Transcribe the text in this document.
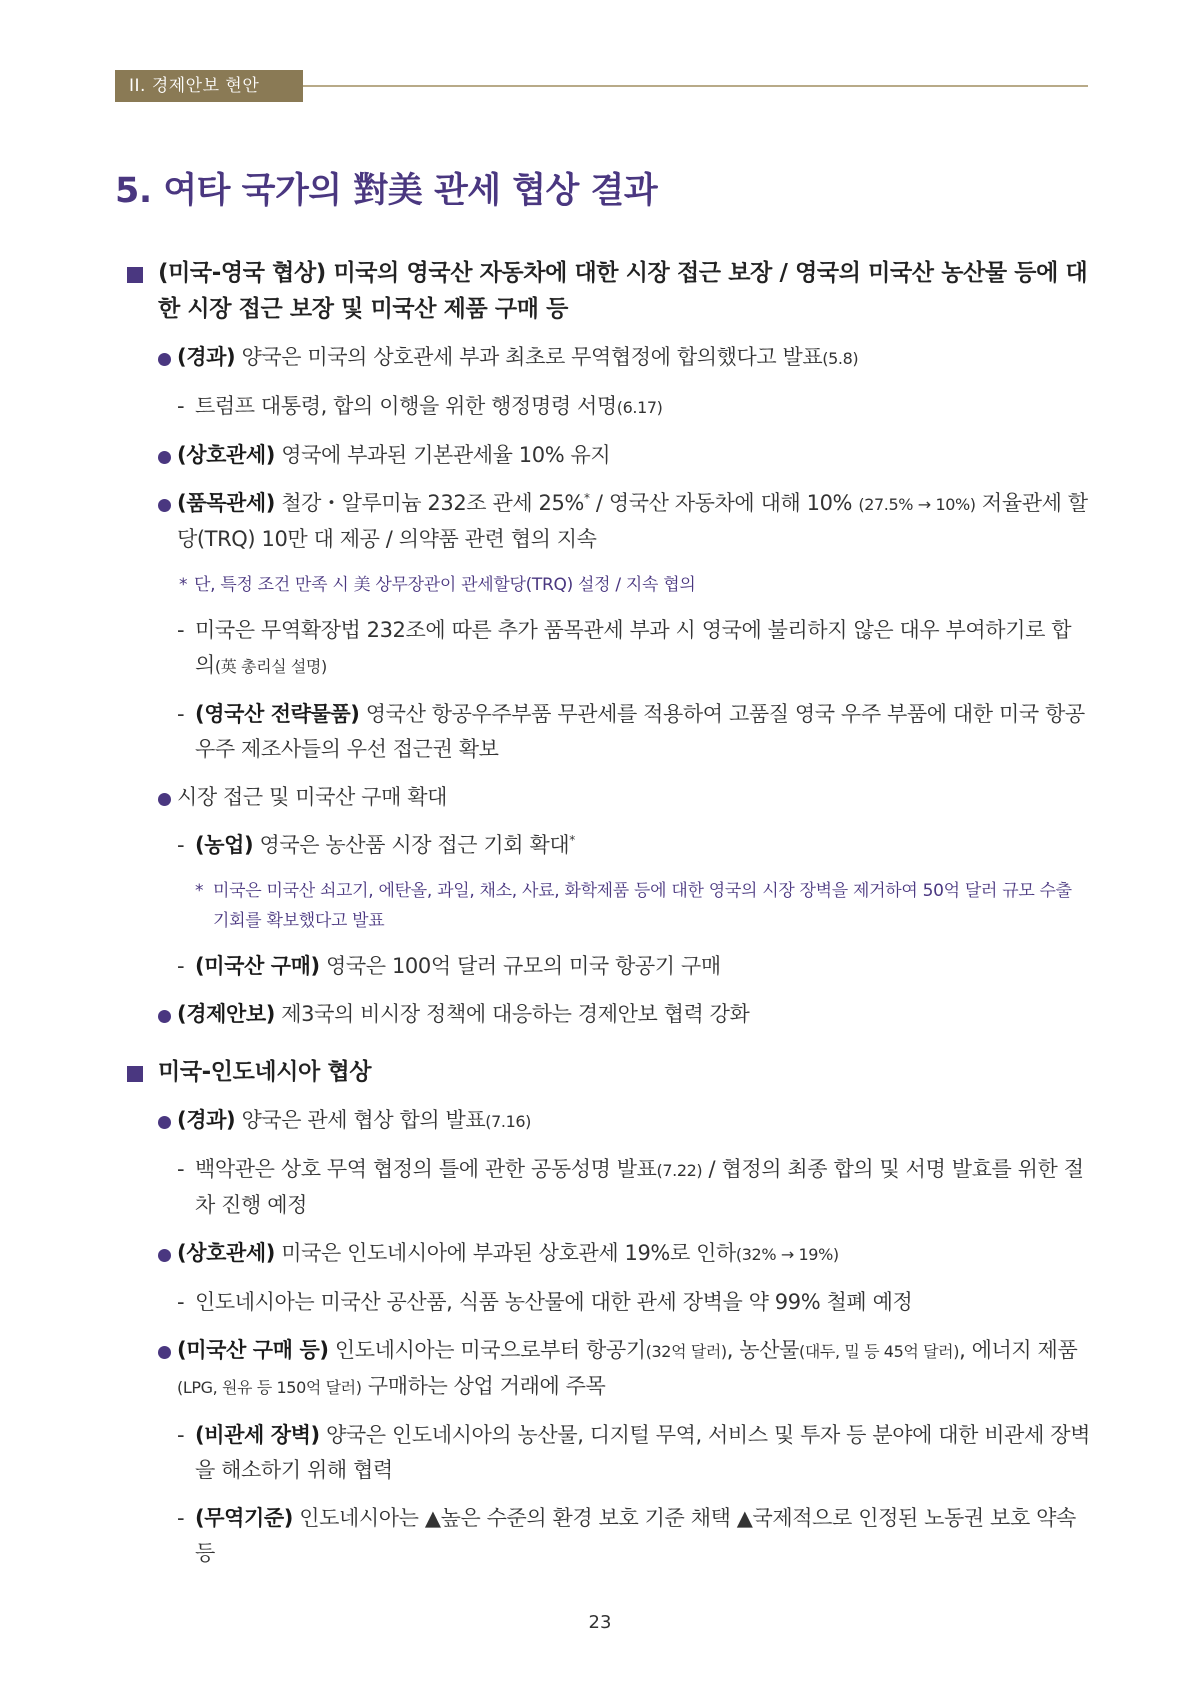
II. 경제안보 현안
5. 여타 국가의 對美 관세 협상 결과
(미국-영국 협상) 미국의 영국산 자동차에 대한 시장 접근 보장 / 영국의 미국산 농산물 등에 대한 시장 접근 보장 및 미국산 제품 구매 등
(경과) 양국은 미국의 상호관세 부과 최초로 무역협정에 합의했다고 발표(5.8)
- 트럼프 대통령, 합의 이행을 위한 행정명령 서명(6.17)
(상호관세) 영국에 부과된 기본관세율 10% 유지
(품목관세) 철강・알루미늄 232조 관세 25%* / 영국산 자동차에 대해 10% (27.5% → 10%) 저율관세 할당(TRQ) 10만 대 제공 / 의약품 관련 협의 지속
* 단, 특정 조건 만족 시 美 상무장관이 관세할당(TRQ) 설정 / 지속 협의
- 미국은 무역확장법 232조에 따른 추가 품목관세 부과 시 영국에 불리하지 않은 대우 부여하기로 합의(英 총리실 설명)
- (영국산 전략물품) 영국산 항공우주부품 무관세를 적용하여 고품질 영국 우주 부품에 대한 미국 항공우주 제조사들의 우선 접근권 확보
시장 접근 및 미국산 구매 확대
- (농업) 영국은 농산품 시장 접근 기회 확대*
* 미국은 미국산 쇠고기, 에탄올, 과일, 채소, 사료, 화학제품 등에 대한 영국의 시장 장벽을 제거하여 50억 달러 규모 수출 기회를 확보했다고 발표
- (미국산 구매) 영국은 100억 달러 규모의 미국 항공기 구매
(경제안보) 제3국의 비시장 정책에 대응하는 경제안보 협력 강화
미국-인도네시아 협상
(경과) 양국은 관세 협상 합의 발표(7.16)
- 백악관은 상호 무역 협정의 틀에 관한 공동성명 발표(7.22) / 협정의 최종 합의 및 서명 발효를 위한 절차 진행 예정
(상호관세) 미국은 인도네시아에 부과된 상호관세 19%로 인하(32% → 19%)
- 인도네시아는 미국산 공산품, 식품 농산물에 대한 관세 장벽을 약 99% 철폐 예정
(미국산 구매 등) 인도네시아는 미국으로부터 항공기(32억 달러), 농산물(대두, 밀 등 45억 달러), 에너지 제품(LPG, 원유 등 150억 달러) 구매하는 상업 거래에 주목
- (비관세 장벽) 양국은 인도네시아의 농산물, 디지털 무역, 서비스 및 투자 등 분야에 대한 비관세 장벽을 해소하기 위해 협력
- (무역기준) 인도네시아는 ▲높은 수준의 환경 보호 기준 채택 ▲국제적으로 인정된 노동권 보호 약속 등
23
